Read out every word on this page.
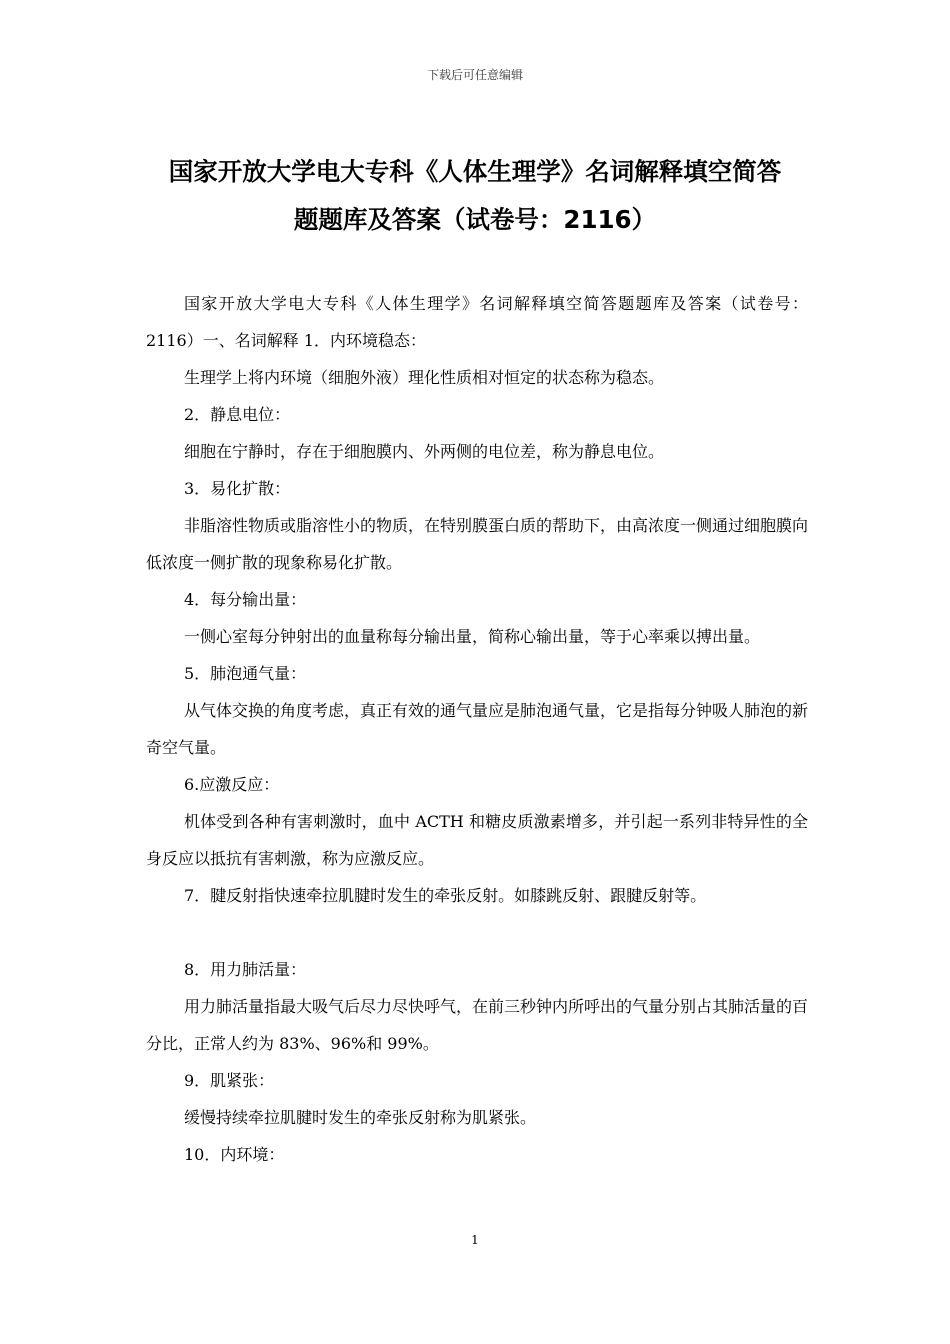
下载后可任意编辑
国家开放大学电大专科《人体生理学》名词解释填空简答
题题库及答案（试卷号：2116）

国家开放大学电大专科《人体生理学》名词解释填空简答题题库及答案（试卷号：2116）一、名词解释 1．内环境稳态：

生理学上将内环境（细胞外液）理化性质相对恒定的状态称为稳态。

2．静息电位：

细胞在宁静时，存在于细胞膜内、外两侧的电位差，称为静息电位。

3．易化扩散：

非脂溶性物质或脂溶性小的物质，在特别膜蛋白质的帮助下，由高浓度一侧通过细胞膜向低浓度一侧扩散的现象称易化扩散。

4．每分输出量：

一侧心室每分钟射出的血量称每分输出量，简称心输出量，等于心率乘以搏出量。

5．肺泡通气量：

从气体交换的角度考虑，真正有效的通气量应是肺泡通气量，它是指每分钟吸人肺泡的新奇空气量。

6.应激反应：

机体受到各种有害刺激时，血中 ACTH 和糖皮质激素增多，并引起一系列非特异性的全身反应以抵抗有害刺激，称为应激反应。

7．腱反射指快速牵拉肌腱时发生的牵张反射。如膝跳反射、跟腱反射等。

8．用力肺活量：

用力肺活量指最大吸气后尽力尽快呼气，在前三秒钟内所呼出的气量分别占其肺活量的百分比，正常人约为 83%、96%和 99%。

9．肌紧张：

缓慢持续牵拉肌腱时发生的牵张反射称为肌紧张。

10．内环境：

1
